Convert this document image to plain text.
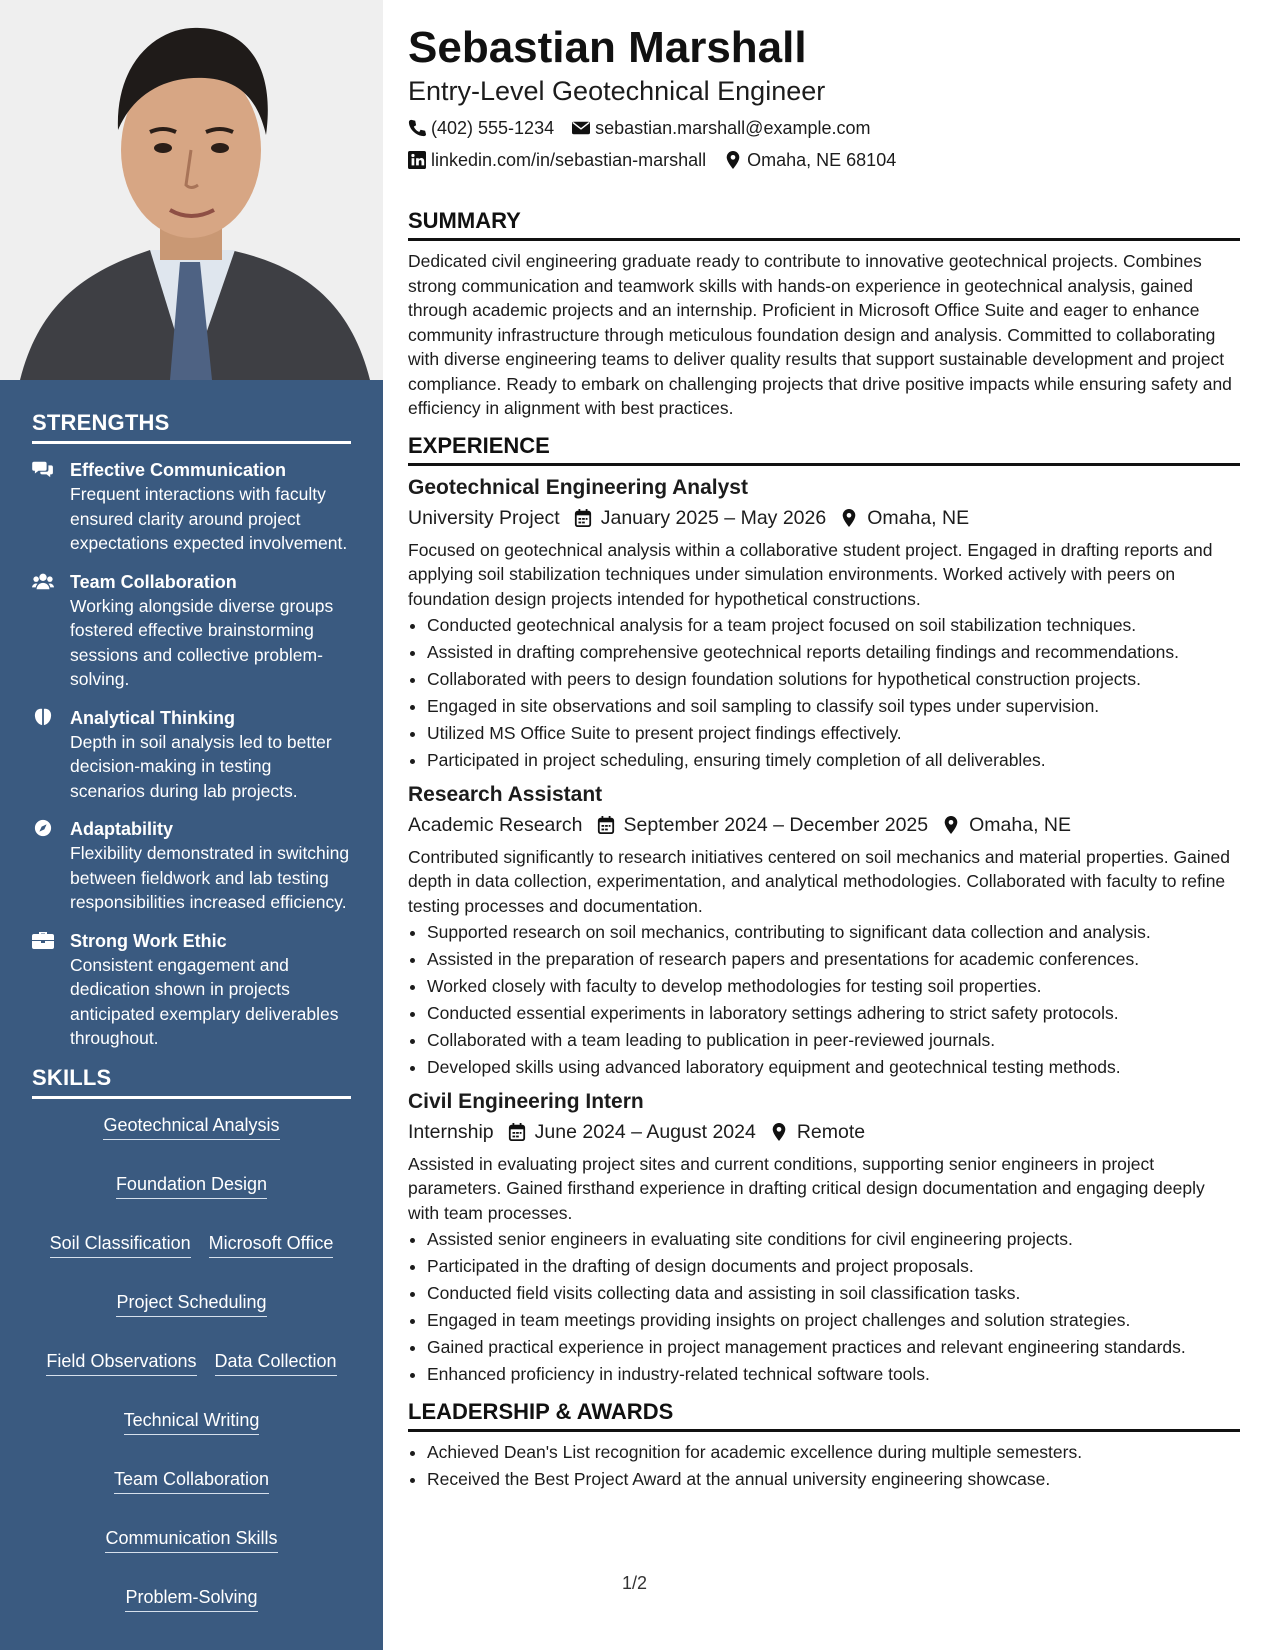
STRENGTHS
Effective Communication
Frequent interactions with faculty ensured clarity around project expectations expected involvement.
Team Collaboration
Working alongside diverse groups fostered effective brainstorming sessions and collective problem-solving.
Analytical Thinking
Depth in soil analysis led to better decision-making in testing scenarios during lab projects.
Adaptability
Flexibility demonstrated in switching between fieldwork and lab testing responsibilities increased efficiency.
Strong Work Ethic
Consistent engagement and dedication shown in projects anticipated exemplary deliverables throughout.
SKILLS
Geotechnical Analysis
Foundation Design
Soil Classification Microsoft Office
Project Scheduling
Field Observations Data Collection
Technical Writing
Team Collaboration
Communication Skills
Problem-Solving
Sebastian Marshall
Entry-Level Geotechnical Engineer
(402) 555-1234 sebastian.marshall@example.com
linkedin.com/in/sebastian-marshall Omaha, NE 68104
SUMMARY

Dedicated civil engineering graduate ready to contribute to innovative geotechnical projects. Combines strong communication and teamwork skills with hands-on experience in geotechnical analysis, gained through academic projects and an internship. Proficient in Microsoft Office Suite and eager to enhance community infrastructure through meticulous foundation design and analysis. Committed to collaborating with diverse engineering teams to deliver quality results that support sustainable development and project compliance. Ready to embark on challenging projects that drive positive impacts while ensuring safety and efficiency in alignment with best practices.

EXPERIENCE
Geotechnical Engineering Analyst
University Project January 2025 – May 2026 Omaha, NE

Focused on geotechnical analysis within a collaborative student project. Engaged in drafting reports and applying soil stabilization techniques under simulation environments. Worked actively with peers on foundation design projects intended for hypothetical constructions.

• Conducted geotechnical analysis for a team project focused on soil stabilization techniques.
• Assisted in drafting comprehensive geotechnical reports detailing findings and recommendations.
• Collaborated with peers to design foundation solutions for hypothetical construction projects.
• Engaged in site observations and soil sampling to classify soil types under supervision.
• Utilized MS Office Suite to present project findings effectively.
• Participated in project scheduling, ensuring timely completion of all deliverables.
Research Assistant
Academic Research September 2024 – December 2025 Omaha, NE

Contributed significantly to research initiatives centered on soil mechanics and material properties. Gained depth in data collection, experimentation, and analytical methodologies. Collaborated with faculty to refine testing processes and documentation.

• Supported research on soil mechanics, contributing to significant data collection and analysis.
• Assisted in the preparation of research papers and presentations for academic conferences.
• Worked closely with faculty to develop methodologies for testing soil properties.
• Conducted essential experiments in laboratory settings adhering to strict safety protocols.
• Collaborated with a team leading to publication in peer-reviewed journals.
• Developed skills using advanced laboratory equipment and geotechnical testing methods.
Civil Engineering Intern
Internship June 2024 – August 2024 Remote

Assisted in evaluating project sites and current conditions, supporting senior engineers in project parameters. Gained firsthand experience in drafting critical design documentation and engaging deeply with team processes.

• Assisted senior engineers in evaluating site conditions for civil engineering projects.
• Participated in the drafting of design documents and project proposals.
• Conducted field visits collecting data and assisting in soil classification tasks.
• Engaged in team meetings providing insights on project challenges and solution strategies.
• Gained practical experience in project management practices and relevant engineering standards.
• Enhanced proficiency in industry-related technical software tools.
LEADERSHIP & AWARDS
• Achieved Dean's List recognition for academic excellence during multiple semesters.
• Received the Best Project Award at the annual university engineering showcase.
1/2
